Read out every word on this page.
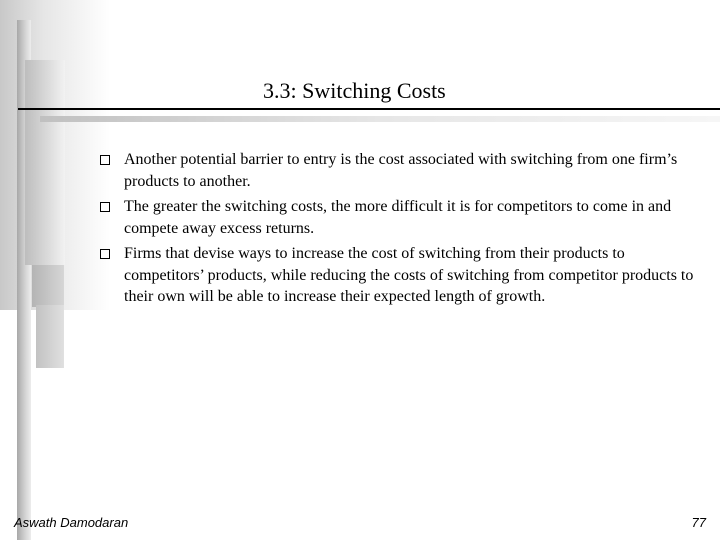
3.3: Switching Costs
Another potential barrier to entry is the cost associated with switching from one firm’s products to another.
The greater the switching costs, the more difficult it is for competitors to come in and compete away excess returns.
Firms that devise ways to increase the cost of switching from their products to competitors’ products, while reducing the costs of switching from competitor products to their own will be able to increase their expected length of growth.
Aswath Damodaran	77
